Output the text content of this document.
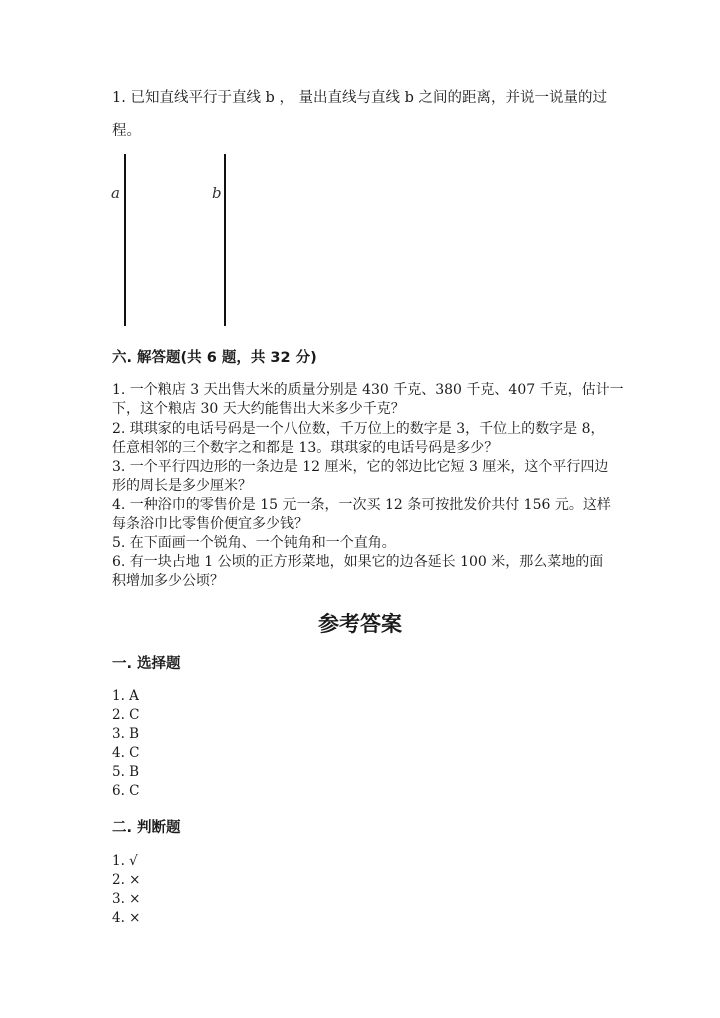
1. 已知直线平行于直线 b ， 量出直线与直线 b 之间的距离，并说一说量的过
程。
a	b
六. 解答题(共 6 题，共 32 分)
1. 一个粮店 3 天出售大米的质量分别是 430 千克、380 千克、407 千克，估计一
下，这个粮店 30 天大约能售出大米多少千克？
2. 琪琪家的电话号码是一个八位数，千万位上的数字是 3，千位上的数字是 8，
任意相邻的三个数字之和都是 13。琪琪家的电话号码是多少？
3. 一个平行四边形的一条边是 12 厘米，它的邻边比它短 3 厘米，这个平行四边
形的周长是多少厘米？
4. 一种浴巾的零售价是 15 元一条，一次买 12 条可按批发价共付 156 元。这样
每条浴巾比零售价便宜多少钱？
5. 在下面画一个锐角、一个钝角和一个直角。
6. 有一块占地 1 公顷的正方形菜地，如果它的边各延长 100 米，那么菜地的面
积增加多少公顷？
参考答案
一. 选择题
1. A
2. C
3. B
4. C
5. B
6. C
二. 判断题
1. √
2. ×
3. ×
4. ×
